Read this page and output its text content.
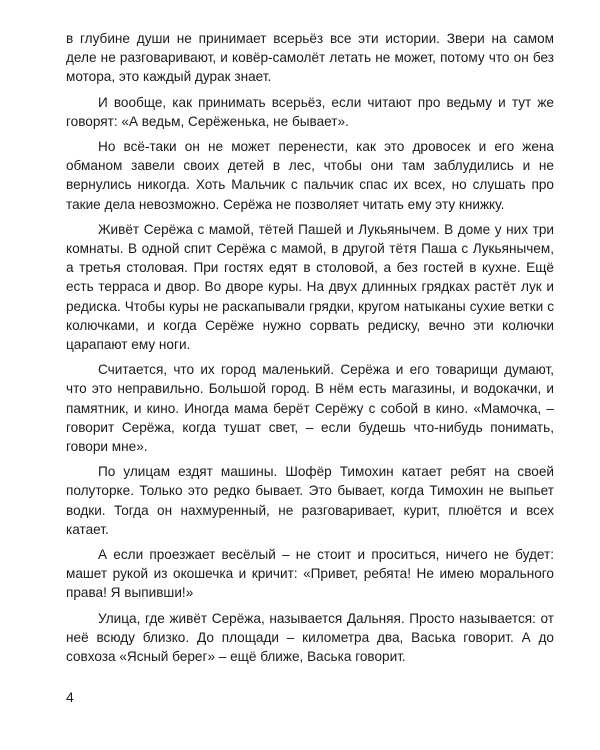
в глубине души не принимает всерьёз все эти истории. Звери на самом деле не разговаривают, и ковёр-самолёт летать не может, потому что он без мотора, это каждый дурак знает.

И вообще, как принимать всерьёз, если читают про ведьму и тут же говорят: «А ведьм, Серёженька, не бывает».

Но всё-таки он не может перенести, как это дровосек и его жена обманом завели своих детей в лес, чтобы они там заблудились и не вернулись никогда. Хоть Мальчик с пальчик спас их всех, но слушать про такие дела невозможно. Серёжа не позволяет читать ему эту книжку.

Живёт Серёжа с мамой, тётей Пашей и Лукьянычем. В доме у них три комнаты. В одной спит Серёжа с мамой, в другой тётя Паша с Лукьянычем, а третья столовая. При гостях едят в столовой, а без гостей в кухне. Ещё есть терраса и двор. Во дворе куры. На двух длинных грядках растёт лук и редиска. Чтобы куры не раскапывали грядки, кругом натыканы сухие ветки с колючками, и когда Серёже нужно сорвать редиску, вечно эти колючки царапают ему ноги.

Считается, что их город маленький. Серёжа и его товарищи думают, что это неправильно. Большой город. В нём есть магазины, и водокачки, и памятник, и кино. Иногда мама берёт Серёжу с собой в кино. «Мамочка, – говорит Серёжа, когда тушат свет, – если будешь что-нибудь понимать, говори мне».

По улицам ездят машины. Шофёр Тимохин катает ребят на своей полуторке. Только это редко бывает. Это бывает, когда Тимохин не выпьет водки. Тогда он нахмуренный, не разговаривает, курит, плюётся и всех катает.

А если проезжает весёлый – не стоит и проситься, ничего не будет: машет рукой из окошечка и кричит: «Привет, ребята! Не имею морального права! Я выпивши!»

Улица, где живёт Серёжа, называется Дальняя. Просто называется: от неё всюду близко. До площади – километра два, Васька говорит. А до совхоза «Ясный берег» – ещё ближе, Васька говорит.

4
